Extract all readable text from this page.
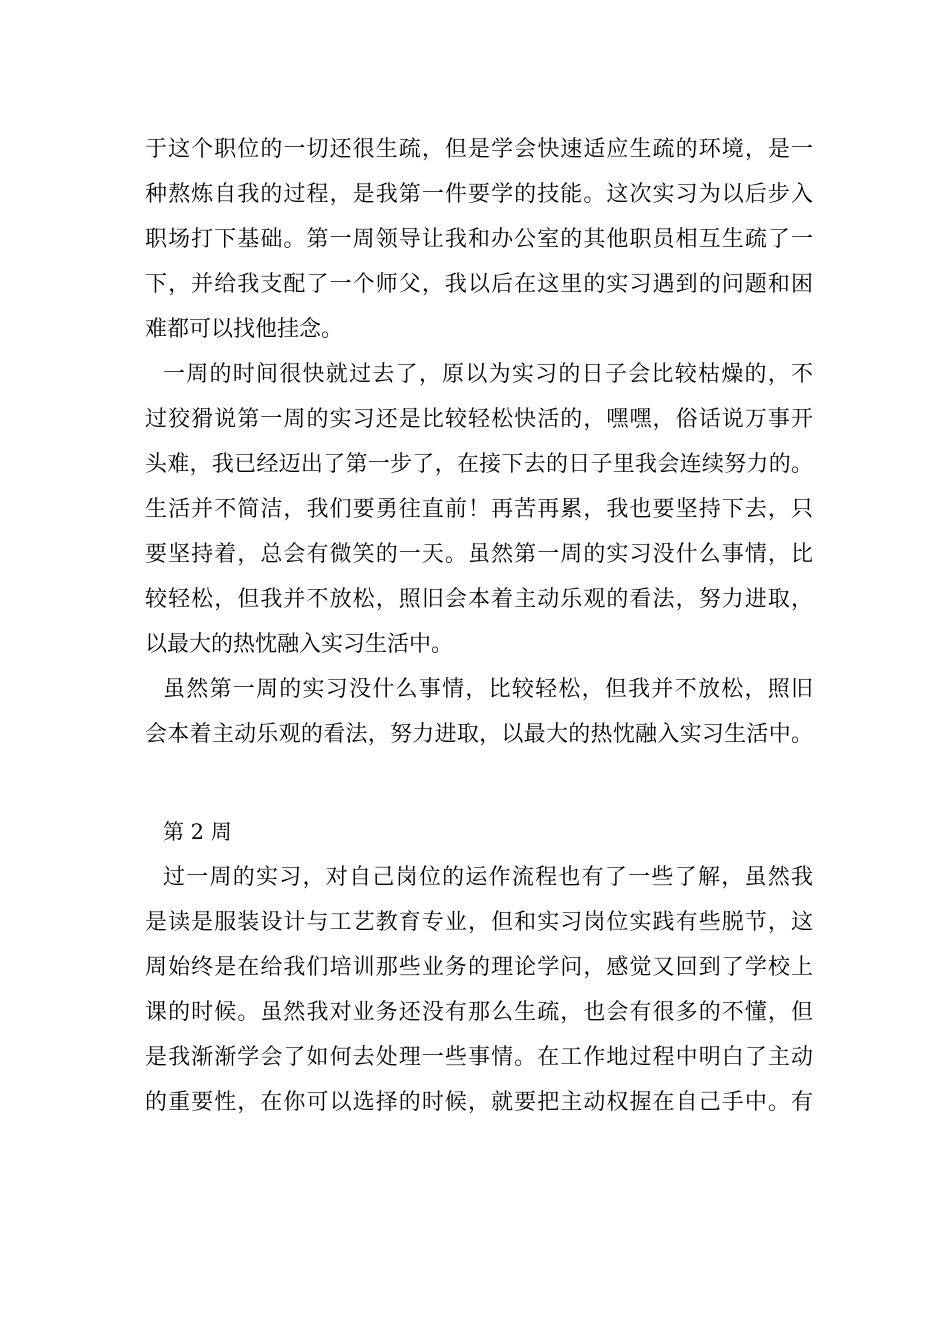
于这个职位的一切还很生疏，但是学会快速适应生疏的环境，是一
种熬炼自我的过程，是我第一件要学的技能。这次实习为以后步入
职场打下基础。第一周领导让我和办公室的其他职员相互生疏了一
下，并给我支配了一个师父，我以后在这里的实习遇到的问题和困
难都可以找他挂念。
一周的时间很快就过去了，原以为实习的日子会比较枯燥的，不
过狡猾说第一周的实习还是比较轻松快活的，嘿嘿，俗话说万事开
头难，我已经迈出了第一步了，在接下去的日子里我会连续努力的。
生活并不简洁，我们要勇往直前！再苦再累，我也要坚持下去，只
要坚持着，总会有微笑的一天。虽然第一周的实习没什么事情，比
较轻松，但我并不放松，照旧会本着主动乐观的看法，努力进取，
以最大的热忱融入实习生活中。
虽然第一周的实习没什么事情，比较轻松，但我并不放松，照旧
会本着主动乐观的看法，努力进取，以最大的热忱融入实习生活中。
第 2 周
过一周的实习，对自己岗位的运作流程也有了一些了解，虽然我
是读是服装设计与工艺教育专业，但和实习岗位实践有些脱节，这
周始终是在给我们培训那些业务的理论学问，感觉又回到了学校上
课的时候。虽然我对业务还没有那么生疏，也会有很多的不懂，但
是我渐渐学会了如何去处理一些事情。在工作地过程中明白了主动
的重要性，在你可以选择的时候，就要把主动权握在自己手中。有
